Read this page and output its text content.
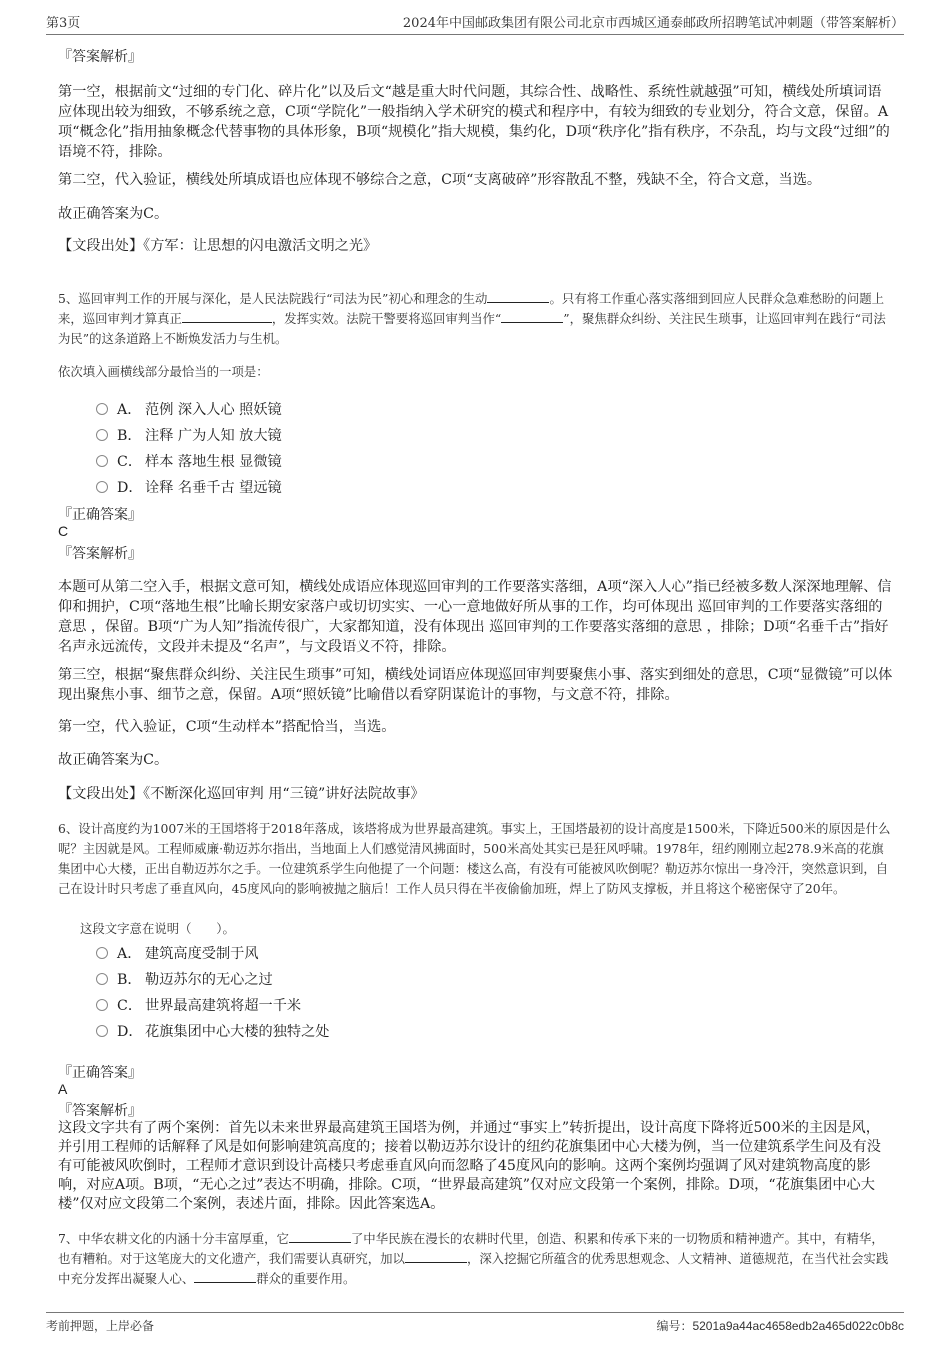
第3页	2024年中国邮政集团有限公司北京市西城区通泰邮政所招聘笔试冲刺题（带答案解析）
『答案解析』
第一空，根据前文“过细的专门化、碎片化”以及后文“越是重大时代问题，其综合性、战略性、系统性就越强”可知，横线处所填词语应体现出较为细致，不够系统之意，C项“学院化”一般指纳入学术研究的模式和程序中，有较为细致的专业划分，符合文意，保留。A项“概念化”指用抽象概念代替事物的具体形象，B项“规模化”指大规模，集约化，D项“秩序化”指有秩序，不杂乱，均与文段“过细”的语境不符，排除。
第二空，代入验证，横线处所填成语也应体现不够综合之意，C项“支离破碎”形容散乱不整，残缺不全，符合文意，当选。
故正确答案为C。
【文段出处】《方军：让思想的闪电激活文明之光》
5、巡回审判工作的开展与深化，是人民法院践行“司法为民”初心和理念的生动	。只有将工作重心落实落细到回应人民群众急难愁盼的问题上来，巡回审判才算真正	，发挥实效。法院干警要将巡回审判当作“	”，聚焦群众纠纷、关注民生琐事，让巡回审判在践行“司法为民”的这条道路上不断焕发活力与生机。
依次填入画横线部分最恰当的一项是：
A． 范例 深入人心 照妖镜
B． 注释 广为人知 放大镜
C． 样本 落地生根 显微镜
D． 诠释 名垂千古 望远镜
『正确答案』
C
『答案解析』
本题可从第二空入手，根据文意可知，横线处成语应体现巡回审判的工作要落实落细，A项“深入人心”指已经被多数人深深地理解、信仰和拥护，C项“落地生根”比喻长期安家落户或切切实实、一心一意地做好所从事的工作，均可体现出 巡回审判的工作要落实落细的意思 ，保留。B项“广为人知”指流传很广，大家都知道，没有体现出 巡回审判的工作要落实落细的意思 ，排除；D项“名垂千古”指好名声永远流传，文段并未提及“名声”，与文段语义不符，排除。
第三空，根据“聚焦群众纠纷、关注民生琐事”可知，横线处词语应体现巡回审判要聚焦小事、落实到细处的意思，C项“显微镜”可以体现出聚焦小事、细节之意，保留。A项“照妖镜”比喻借以看穿阴谋诡计的事物，与文意不符，排除。
第一空，代入验证，C项“生动样本”搭配恰当，当选。
故正确答案为C。
【文段出处】《不断深化巡回审判 用“三镜”讲好法院故事》
6、设计高度约为1007米的王国塔将于2018年落成，该塔将成为世界最高建筑。事实上，王国塔最初的设计高度是1500米，下降近500米的原因是什么呢？主因就是风。工程师威廉·勒迈苏尔指出，当地面上人们感觉清风拂面时，500米高处其实已是狂风呼啸。1978年，纽约刚刚立起278.9米高的花旗集团中心大楼，正出自勒迈苏尔之手。一位建筑系学生向他提了一个问题：楼这么高，有没有可能被风吹倒呢？勒迈苏尔惊出一身冷汗，突然意识到，自己在设计时只考虑了垂直风向，45度风向的影响被抛之脑后！工作人员只得在半夜偷偷加班，焊上了防风支撑板，并且将这个秘密保守了20年。
这段文字意在说明（　　）。
A． 建筑高度受制于风
B． 勒迈苏尔的无心之过
C． 世界最高建筑将超一千米
D． 花旗集团中心大楼的独特之处
『正确答案』
A
『答案解析』
这段文字共有了两个案例：首先以未来世界最高建筑王国塔为例，并通过“事实上”转折提出，设计高度下降将近500米的主因是风，并引用工程师的话解释了风是如何影响建筑高度的；接着以勒迈苏尔设计的纽约花旗集团中心大楼为例，当一位建筑系学生问及有没有可能被风吹倒时，工程师才意识到设计高楼只考虑垂直风向而忽略了45度风向的影响。这两个案例均强调了风对建筑物高度的影响，对应A项。B项，“无心之过”表达不明确，排除。C项，“世界最高建筑”仅对应文段第一个案例，排除。D项，“花旗集团中心大楼”仅对应文段第二个案例，表述片面，排除。因此答案选A。
7、中华农耕文化的内涵十分丰富厚重，它	了中华民族在漫长的农耕时代里，创造、积累和传承下来的一切物质和精神遗产。其中，有精华，也有糟粕。对于这笔庞大的文化遗产，我们需要认真研究，加以	，深入挖掘它所蕴含的优秀思想观念、人文精神、道德规范，在当代社会实践中充分发挥出凝聚人心、	群众的重要作用。
考前押题，上岸必备	编号：5201a9a44ac4658edb2a465d022c0b8c
